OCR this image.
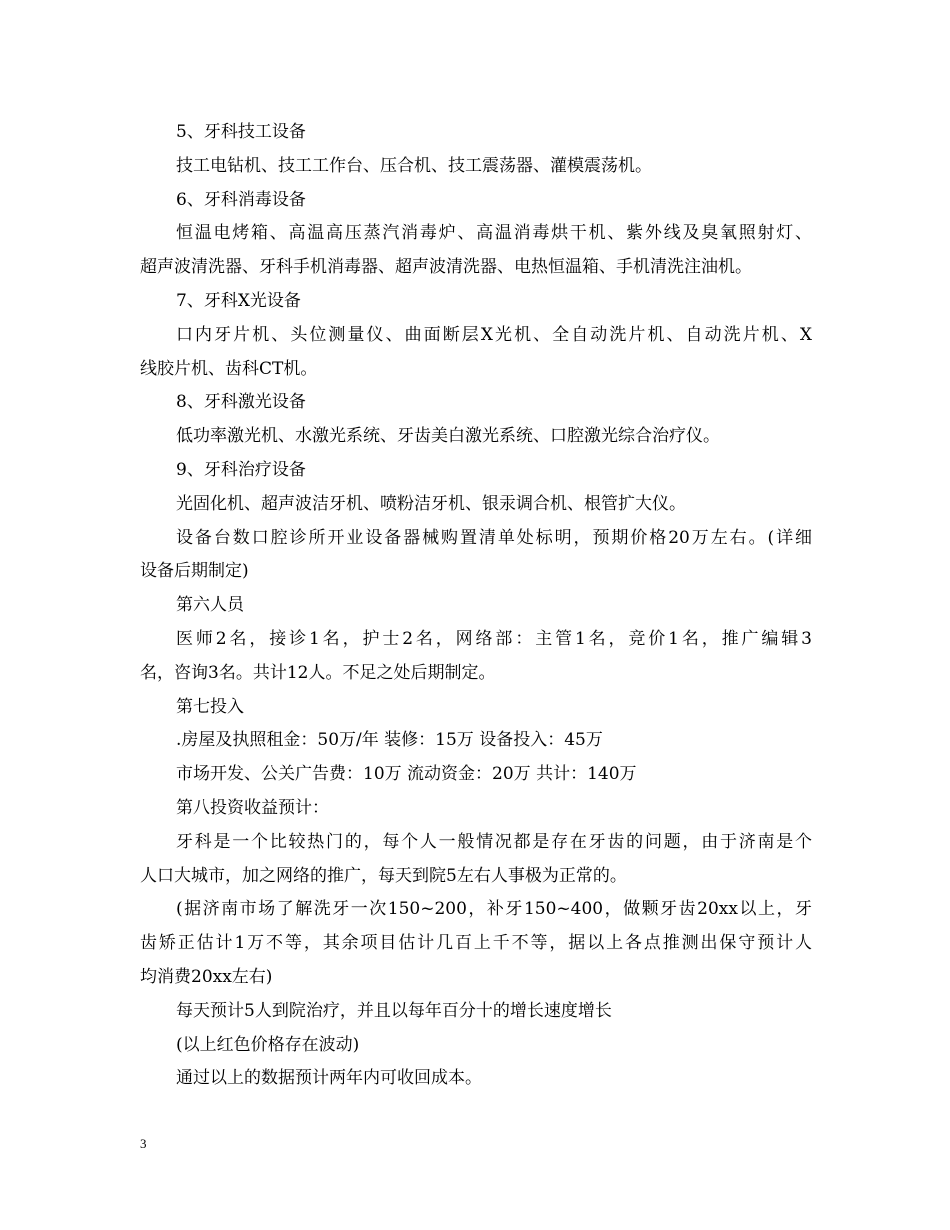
5、牙科技工设备
技工电钻机、技工工作台、压合机、技工震荡器、灌模震荡机。
6、牙科消毒设备
恒温电烤箱、高温高压蒸汽消毒炉、高温消毒烘干机、紫外线及臭氧照射灯、
超声波清洗器、牙科手机消毒器、超声波清洗器、电热恒温箱、手机清洗注油机。
7、牙科X光设备
口内牙片机、头位测量仪、曲面断层X光机、全自动洗片机、自动洗片机、X
线胶片机、齿科CT机。
8、牙科激光设备
低功率激光机、水激光系统、牙齿美白激光系统、口腔激光综合治疗仪。
9、牙科治疗设备
光固化机、超声波洁牙机、喷粉洁牙机、银汞调合机、根管扩大仪。
设备台数口腔诊所开业设备器械购置清单处标明，预期价格20万左右。(详细
设备后期制定)
第六人员
医师2名，接诊1名，护士2名，网络部：主管1名，竞价1名，推广编辑3
名，咨询3名。共计12人。不足之处后期制定。
第七投入
.房屋及执照租金：50万/年 装修：15万 设备投入：45万
市场开发、公关广告费：10万 流动资金：20万 共计：140万
第八投资收益预计：
牙科是一个比较热门的，每个人一般情况都是存在牙齿的问题，由于济南是个
人口大城市，加之网络的推广，每天到院5左右人事极为正常的。
(据济南市场了解洗牙一次150~200，补牙150~400，做颗牙齿20xx以上，牙
齿矫正估计1万不等，其余项目估计几百上千不等，据以上各点推测出保守预计人
均消费20xx左右)
每天预计5人到院治疗，并且以每年百分十的增长速度增长
(以上红色价格存在波动)
通过以上的数据预计两年内可收回成本。
3
